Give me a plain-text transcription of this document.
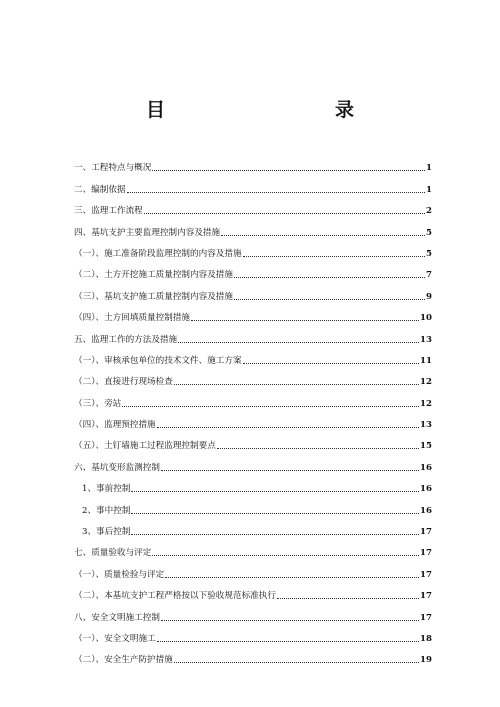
目　　录
一、工程特点与概况	1
二、编制依据	1
三、监理工作流程	2
四、基坑支护主要监理控制内容及措施	5
（一）、施工准备阶段监理控制的内容及措施	5
（二）、土方开挖施工质量控制内容及措施	7
（三）、基坑支护施工质量控制内容及措施	9
（四）、土方回填质量控制措施	10
五、监理工作的方法及措施	13
（一）、审核承包单位的技术文件、施工方案	11
（二）、直接进行现场检查	12
（三）、旁站	12
（四）、监理预控措施	13
（五）、土钉墙施工过程监理控制要点	15
六、基坑变形监测控制	16
1、事前控制	16
2、事中控制	16
3、事后控制	17
七、质量验收与评定	17
（一）、质量检验与评定	17
（二）、本基坑支护工程严格按以下验收规范标准执行	17
八、安全文明施工控制	17
（一）、安全文明施工	18
（二）、安全生产防护措施	19
